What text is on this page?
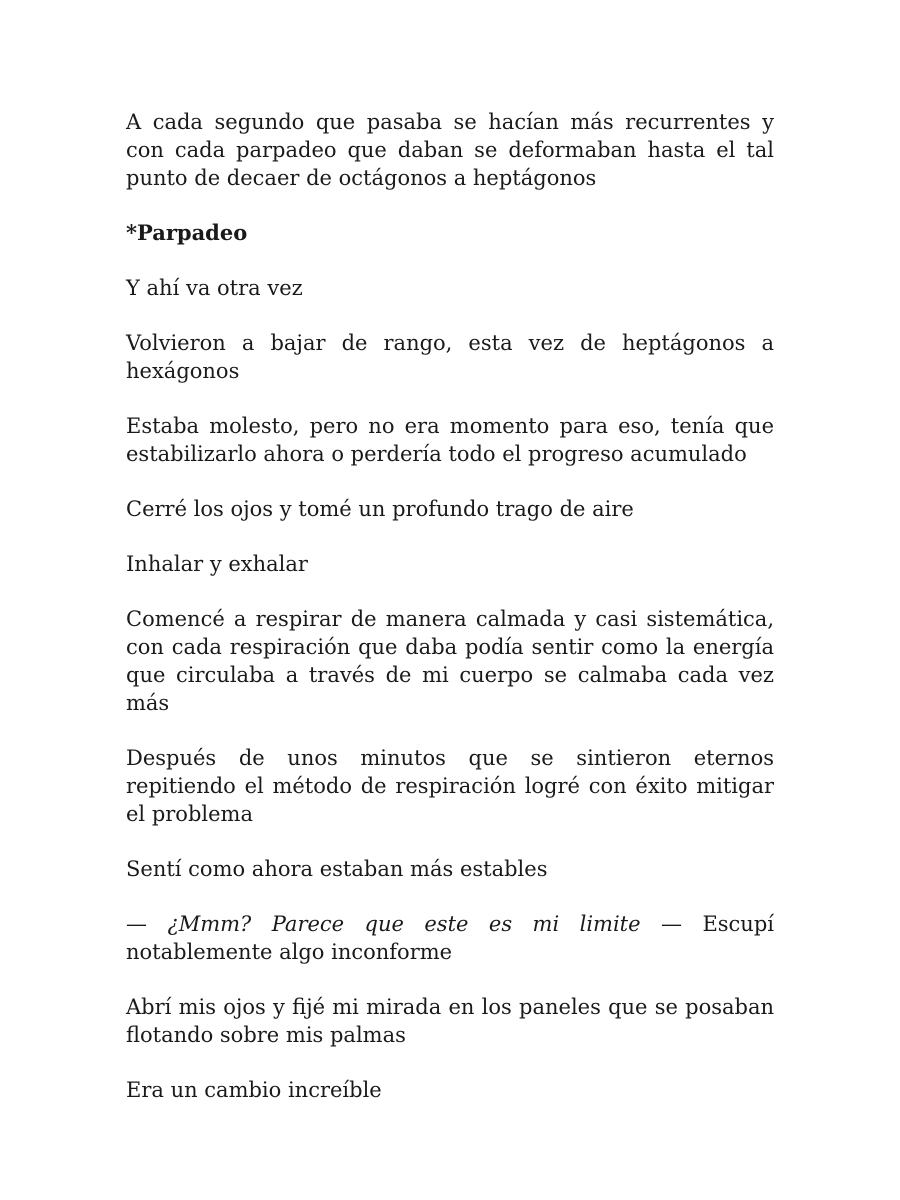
A cada segundo que pasaba se hacían más recurrentes y con cada parpadeo que daban se deformaban hasta el tal punto de decaer de octágonos a heptágonos

*Parpadeo

Y ahí va otra vez

Volvieron a bajar de rango, esta vez de heptágonos a hexágonos

Estaba molesto, pero no era momento para eso, tenía que estabilizarlo ahora o perdería todo el progreso acumulado

Cerré los ojos y tomé un profundo trago de aire

Inhalar y exhalar

Comencé a respirar de manera calmada y casi sistemática, con cada respiración que daba podía sentir como la energía que circulaba a través de mi cuerpo se calmaba cada vez más

Después de unos minutos que se sintieron eternos repitiendo el método de respiración logré con éxito mitigar el problema

Sentí como ahora estaban más estables

— ¿Mmm? Parece que este es mi limite — Escupí notablemente algo inconforme

Abrí mis ojos y fijé mi mirada en los paneles que se posaban flotando sobre mis palmas

Era un cambio increíble
